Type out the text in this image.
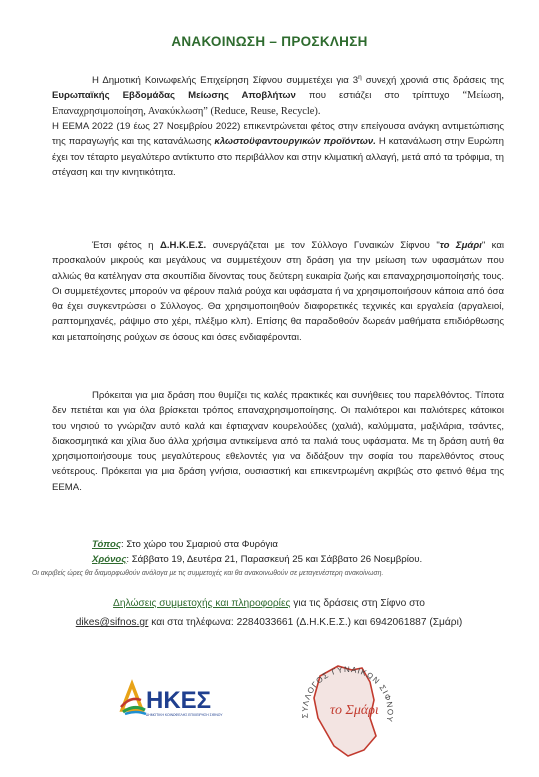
ΑΝΑΚΟΙΝΩΣΗ – ΠΡΟΣΚΛΗΣΗ
Η Δημοτική Κοινωφελής Επιχείρηση Σίφνου συμμετέχει για $3^\eta$ συνεχή χρονιά στις δράσεις της Ευρωπαϊκής Εβδομάδας Μείωσης Αποβλήτων που εστιάζει στο τρίπτυχο “Μείωση, Επαναχρησιμοποίηση, Ανακύκλωση” (Reduce, Reuse, Recycle).
Η ΕΕΜΑ 2022 (19 έως 27 Νοεμβρίου 2022) επικεντρώνεται φέτος στην επείγουσα ανάγκη αντιμετώπισης της παραγωγής και της κατανάλωσης κλωστοϋφαντουργικών προϊόντων. Η κατανάλωση στην Ευρώπη έχει τον τέταρτο μεγαλύτερο αντίκτυπο στο περιβάλλον και στην κλιματική αλλαγή, μετά από τα τρόφιμα, τη στέγαση και την κινητικότητα.
Έτσι φέτος η Δ.Η.Κ.Ε.Σ. συνεργάζεται με τον Σύλλογο Γυναικών Σίφνου "το Σμάρι" και προσκαλούν μικρούς και μεγάλους να συμμετέχουν στη δράση για την μείωση των υφασμάτων που αλλιώς θα κατέληγαν στα σκουπίδια δίνοντας τους δεύτερη ευκαιρία ζωής και επαναχρησιμοποίησής τους. Οι συμμετέχοντες μπορούν να φέρουν παλιά ρούχα και υφάσματα ή να χρησιμοποιήσουν κάποια από όσα θα έχει συγκεντρώσει ο Σύλλογος. Θα χρησιμοποιηθούν διαφορετικές τεχνικές και εργαλεία (αργαλειοί, ραπτομηχανές, ράψιμο στο χέρι, πλέξιμο κλπ). Επίσης θα παραδοθούν δωρεάν μαθήματα επιδιόρθωσης και μεταποίησης ρούχων σε όσους και όσες ενδιαφέρονται.
Πρόκειται για μια δράση που θυμίζει τις καλές πρακτικές και συνήθειες του παρελθόντος. Τίποτα δεν πετιέται και για όλα βρίσκεται τρόπος επαναχρησιμοποίησης. Οι παλιότεροι και παλιότερες κάτοικοι του νησιού το γνώριζαν αυτό καλά και έφτιαχναν κουρελούδες (χαλιά), καλύμματα, μαξιλάρια, τσάντες, διακοσμητικά και χίλια δυο άλλα χρήσιμα αντικείμενα από τα παλιά τους υφάσματα. Με τη δράση αυτή θα χρησιμοποιήσουμε τους μεγαλύτερους εθελοντές για να διδάξουν την σοφία του παρελθόντος στους νεότερους. Πρόκειται για μια δράση γνήσια, ουσιαστική και επικεντρωμένη ακριβώς στο φετινό θέμα της ΕΕΜΑ.
Τόπος: Στο χώρο του Σμαριού στα Φυρόγια
Χρόνος: Σάββατο 19, Δευτέρα 21, Παρασκευή 25 και Σάββατο 26 Νοεμβρίου.
Οι ακριβείς ώρες θα διαμορφωθούν ανάλογα με τις συμμετοχές και θα ανακοινωθούν σε μεταγενέστερη ανακοίνωση.
Δηλώσεις συμμετοχής και πληροφορίες για τις δράσεις στη Σίφνο στο
dikes@sifnos.gr και στα τηλέφωνα: 2284033661 (Δ.Η.Κ.Ε.Σ.) και 6942061887 (Σμάρι)
ΗΚΕΣ
ΔΗΜΟΤΙΚΗ ΚΟΙΝΩΦΕΛΗΣ ΕΠΙΧΕΙΡΗΣΗ ΣΙΦΝΟΥ	ΣΥΛΛΟΓΟΣ ΓΥΝΑΙΚΩΝ ΣΙΦΝΟΥ
το Σμάρι
